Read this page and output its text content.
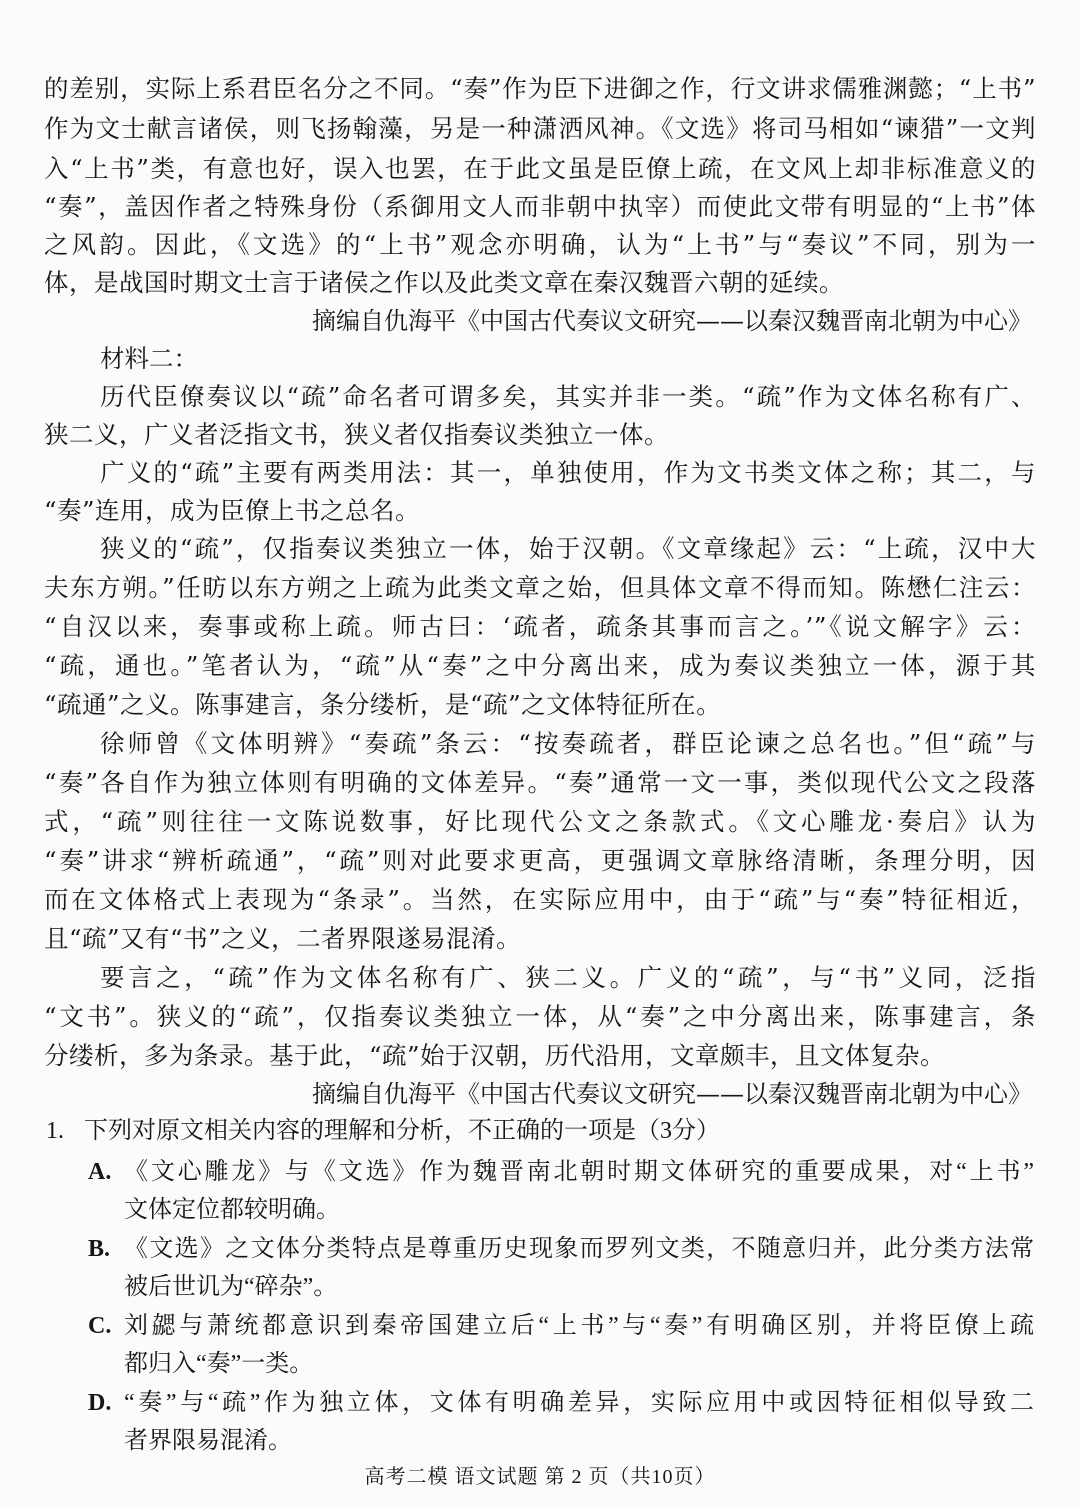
的差别，实际上系君臣名分之不同。“奏”作为臣下进御之作，行文讲求儒雅渊懿；“上书”
作为文士献言诸侯，则飞扬翰藻，另是一种潇洒风神。《文选》将司马相如“谏猎”一文判
入“上书”类，有意也好，误入也罢，在于此文虽是臣僚上疏，在文风上却非标准意义的
“奏”，盖因作者之特殊身份（系御用文人而非朝中执宰）而使此文带有明显的“上书”体
之风韵。因此，《文选》的“上书”观念亦明确，认为“上书”与“奏议”不同，别为一
体，是战国时期文士言于诸侯之作以及此类文章在秦汉魏晋六朝的延续。
摘编自仇海平《中国古代奏议文研究——以秦汉魏晋南北朝为中心》
材料二：
历代臣僚奏议以“疏”命名者可谓多矣，其实并非一类。“疏”作为文体名称有广、
狭二义，广义者泛指文书，狭义者仅指奏议类独立一体。
广义的“疏”主要有两类用法：其一，单独使用，作为文书类文体之称；其二，与
“奏”连用，成为臣僚上书之总名。
狭义的“疏”，仅指奏议类独立一体，始于汉朝。《文章缘起》云：“上疏，汉中大
夫东方朔。”任昉以东方朔之上疏为此类文章之始，但具体文章不得而知。陈懋仁注云：
“自汉以来，奏事或称上疏。师古曰：‘疏者，疏条其事而言之。’”《说文解字》云：
“疏，通也。”笔者认为，“疏”从“奏”之中分离出来，成为奏议类独立一体，源于其
“疏通”之义。陈事建言，条分缕析，是“疏”之文体特征所在。
徐师曾《文体明辨》“奏疏”条云：“按奏疏者，群臣论谏之总名也。”但“疏”与
“奏”各自作为独立体则有明确的文体差异。“奏”通常一文一事，类似现代公文之段落
式，“疏”则往往一文陈说数事，好比现代公文之条款式。《文心雕龙·奏启》认为
“奏”讲求“辨析疏通”，“疏”则对此要求更高，更强调文章脉络清晰，条理分明，因
而在文体格式上表现为“条录”。当然，在实际应用中，由于“疏”与“奏”特征相近，
且“疏”又有“书”之义，二者界限遂易混淆。
要言之，“疏”作为文体名称有广、狭二义。广义的“疏”，与“书”义同，泛指
“文书”。狭义的“疏”，仅指奏议类独立一体，从“奏”之中分离出来，陈事建言，条
分缕析，多为条录。基于此，“疏”始于汉朝，历代沿用，文章颇丰，且文体复杂。
摘编自仇海平《中国古代奏议文研究——以秦汉魏晋南北朝为中心》
1. 下列对原文相关内容的理解和分析，不正确的一项是（3分）
A. 《文心雕龙》与《文选》作为魏晋南北朝时期文体研究的重要成果，对“上书”
文体定位都较明确。
B. 《文选》之文体分类特点是尊重历史现象而罗列文类，不随意归并，此分类方法常
被后世讥为“碎杂”。
C. 刘勰与萧统都意识到秦帝国建立后“上书”与“奏”有明确区别，并将臣僚上疏
都归入“奏”一类。
D. “奏”与“疏”作为独立体，文体有明确差异，实际应用中或因特征相似导致二
者界限易混淆。
高考二模 语文试题 第 2 页（共10页）
